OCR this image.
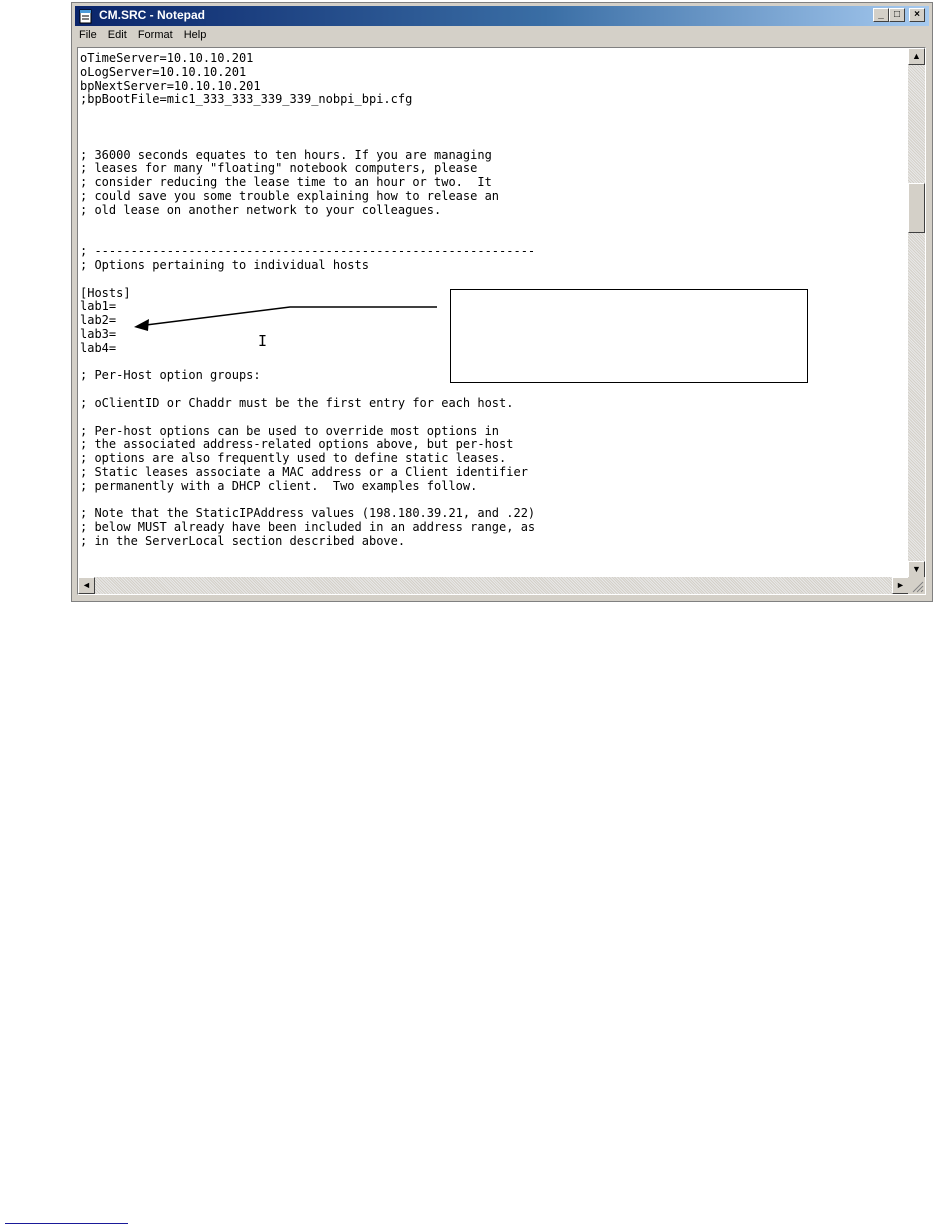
CM.SRC - Notepad	_	□	×
File Edit Format Help
oTimeServer=10.10.10.201
oLogServer=10.10.10.201
bpNextServer=10.10.10.201
;bpBootFile=mic1_333_333_339_339_nobpi_bpi.cfg
; 36000 seconds equates to ten hours. If you are managing
; leases for many "floating" notebook computers, please
; consider reducing the lease time to an hour or two.  It
; could save you some trouble explaining how to release an
; old lease on another network to your colleagues.
; -------------------------------------------------------------
; Options pertaining to individual hosts
[Hosts]
lab1=
lab2=
lab3=
lab4=
; Per-Host option groups:
; oClientID or Chaddr must be the first entry for each host.
; Per-host options can be used to override most options in
; the associated address-related options above, but per-host
; options are also frequently used to define static leases.
; Static leases associate a MAC address or a Client identifier
; permanently with a DHCP client.  Two examples follow.
; Note that the StaticIPAddress values (198.180.39.21, and .22)
; below MUST already have been included in an address range, as
; in the ServerLocal section described above.
▲
▼
◄	►
I
